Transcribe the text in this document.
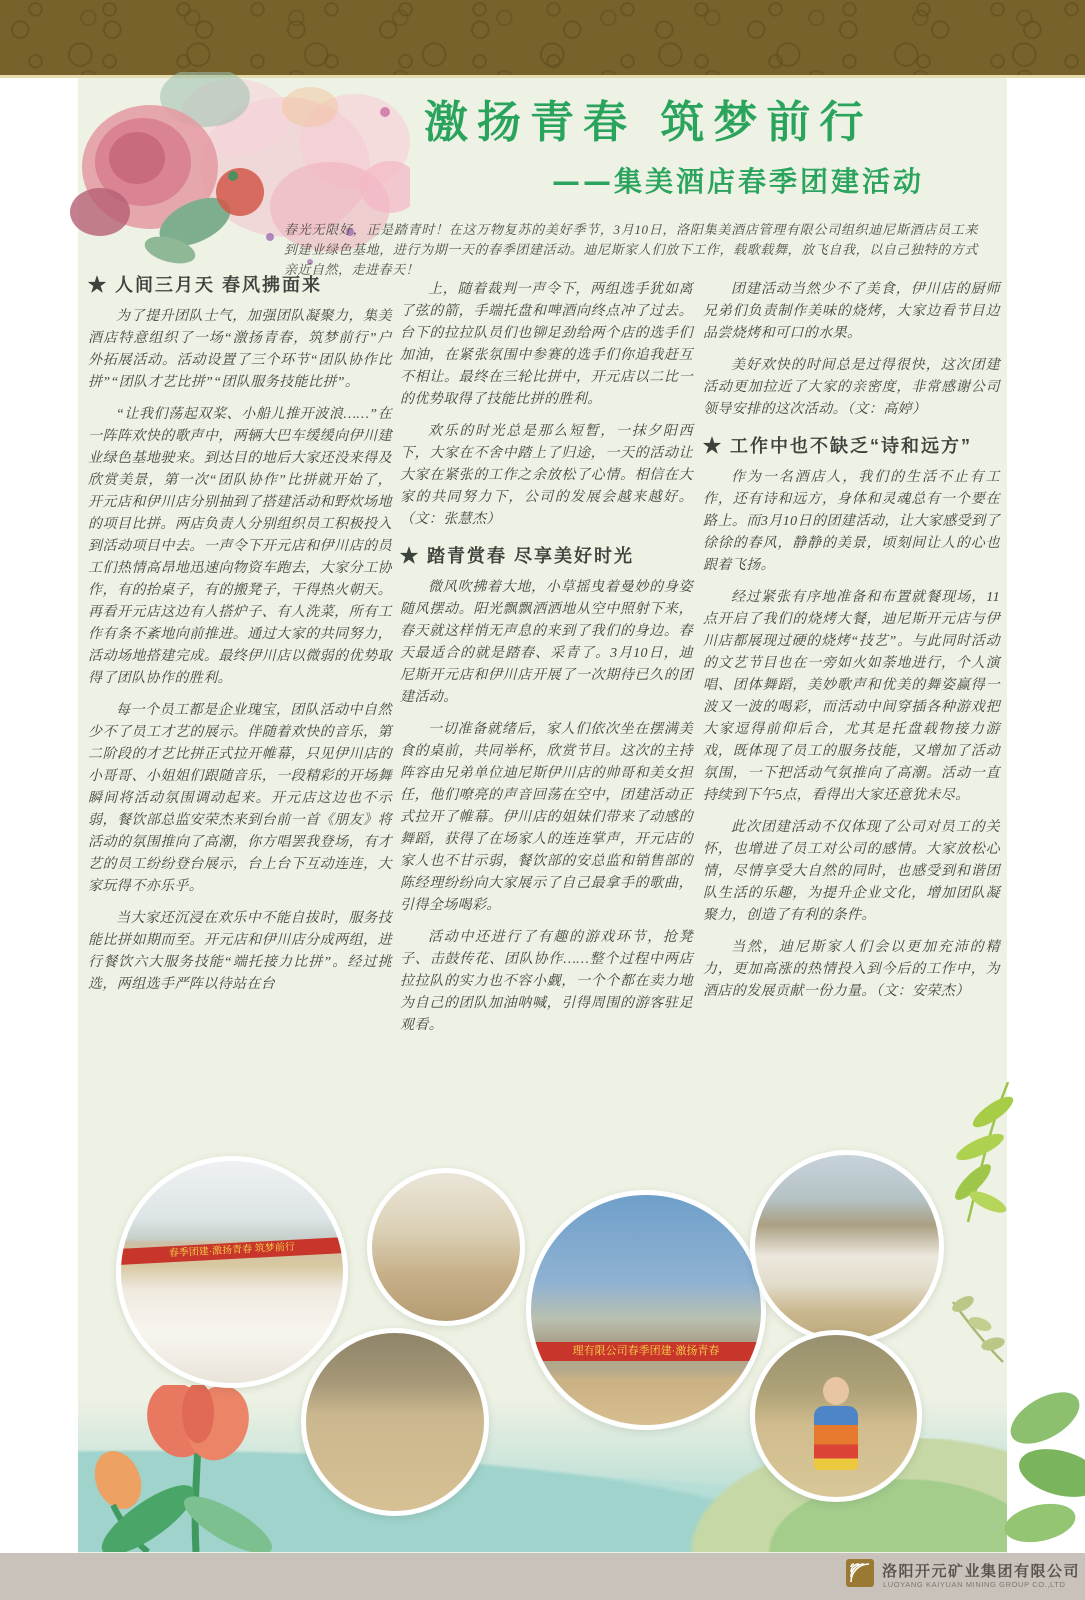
激扬青春 筑梦前行
——集美酒店春季团建活动
春光无限好，正是踏青时！在这万物复苏的美好季节，3月10日，洛阳集美酒店管理有限公司组织迪尼斯酒店员工来到建业绿色基地，进行为期一天的春季团建活动。迪尼斯家人们放下工作，载歌载舞，放飞自我，以自己独特的方式亲近自然，走进春天！
★ 人间三月天 春风拂面来

为了提升团队士气，加强团队凝聚力，集美酒店特意组织了一场“激扬青春，筑梦前行”户外拓展活动。活动设置了三个环节“团队协作比拼”“团队才艺比拼”“团队服务技能比拼”。

“让我们荡起双桨、小船儿推开波浪……”在一阵阵欢快的歌声中，两辆大巴车缓缓向伊川建业绿色基地驶来。到达目的地后大家还没来得及欣赏美景，第一次“团队协作”比拼就开始了，开元店和伊川店分别抽到了搭建活动和野炊场地的项目比拼。两店负责人分别组织员工积极投入到活动项目中去。一声令下开元店和伊川店的员工们热情高昂地迅速向物资车跑去，大家分工协作，有的抬桌子，有的搬凳子，干得热火朝天。再看开元店这边有人搭炉子、有人洗菜，所有工作有条不紊地向前推进。通过大家的共同努力，活动场地搭建完成。最终伊川店以微弱的优势取得了团队协作的胜利。

每一个员工都是企业瑰宝，团队活动中自然少不了员工才艺的展示。伴随着欢快的音乐，第二阶段的才艺比拼正式拉开帷幕，只见伊川店的小哥哥、小姐姐们跟随音乐，一段精彩的开场舞瞬间将活动氛围调动起来。开元店这边也不示弱，餐饮部总监安荣杰来到台前一首《朋友》将活动的氛围推向了高潮，你方唱罢我登场，有才艺的员工纷纷登台展示，台上台下互动连连，大家玩得不亦乐乎。

当大家还沉浸在欢乐中不能自拔时，服务技能比拼如期而至。开元店和伊川店分成两组，进行餐饮六大服务技能“端托接力比拼”。经过挑选，两组选手严阵以待站在台

上，随着裁判一声令下，两组选手犹如离了弦的箭，手端托盘和啤酒向终点冲了过去。台下的拉拉队员们也铆足劲给两个店的选手们加油，在紧张氛围中参赛的选手们你追我赶互不相让。最终在三轮比拼中，开元店以二比一的优势取得了技能比拼的胜利。

欢乐的时光总是那么短暂，一抹夕阳西下，大家在不舍中踏上了归途，一天的活动让大家在紧张的工作之余放松了心情。相信在大家的共同努力下，公司的发展会越来越好。（文：张慧杰）

★ 踏青赏春 尽享美好时光

微风吹拂着大地，小草摇曳着曼妙的身姿随风摆动。阳光飘飘洒洒地从空中照射下来，春天就这样悄无声息的来到了我们的身边。春天最适合的就是踏春、采青了。3月10日，迪尼斯开元店和伊川店开展了一次期待已久的团建活动。

一切准备就绪后，家人们依次坐在摆满美食的桌前，共同举杯，欣赏节目。这次的主持阵容由兄弟单位迪尼斯伊川店的帅哥和美女担任，他们嘹亮的声音回荡在空中，团建活动正式拉开了帷幕。伊川店的姐妹们带来了动感的舞蹈，获得了在场家人的连连掌声，开元店的家人也不甘示弱，餐饮部的安总监和销售部的陈经理纷纷向大家展示了自己最拿手的歌曲，引得全场喝彩。

活动中还进行了有趣的游戏环节，抢凳子、击鼓传花、团队协作……整个过程中两店拉拉队的实力也不容小觑，一个个都在卖力地为自己的团队加油呐喊，引得周围的游客驻足观看。

团建活动当然少不了美食，伊川店的厨师兄弟们负责制作美味的烧烤，大家边看节目边品尝烧烤和可口的水果。

美好欢快的时间总是过得很快，这次团建活动更加拉近了大家的亲密度，非常感谢公司领导安排的这次活动。（文：高婷）

★ 工作中也不缺乏“诗和远方”

作为一名酒店人，我们的生活不止有工作，还有诗和远方，身体和灵魂总有一个要在路上。而3月10日的团建活动，让大家感受到了徐徐的春风，静静的美景，顷刻间让人的心也跟着飞扬。

经过紧张有序地准备和布置就餐现场，11点开启了我们的烧烤大餐，迪尼斯开元店与伊川店都展现过硬的烧烤“技艺”。与此同时活动的文艺节目也在一旁如火如荼地进行，个人演唱、团体舞蹈，美妙歌声和优美的舞姿赢得一波又一波的喝彩，而活动中间穿插各种游戏把大家逗得前仰后合，尤其是托盘载物接力游戏，既体现了员工的服务技能，又增加了活动氛围，一下把活动气氛推向了高潮。活动一直持续到下午5点，看得出大家还意犹未尽。

此次团建活动不仅体现了公司对员工的关怀，也增进了员工对公司的感情。大家放松心情，尽情享受大自然的同时，也感受到和谐团队生活的乐趣，为提升企业文化，增加团队凝聚力，创造了有利的条件。

当然，迪尼斯家人们会以更加充沛的精力，更加高涨的热情投入到今后的工作中，为酒店的发展贡献一份力量。（文：安荣杰）

春季团建·激扬青春 筑梦前行
理有限公司春季团建·激扬青春
洛阳开元矿业集团有限公司
LUOYANG KAIYUAN MINING GROUP CO.,LTD
